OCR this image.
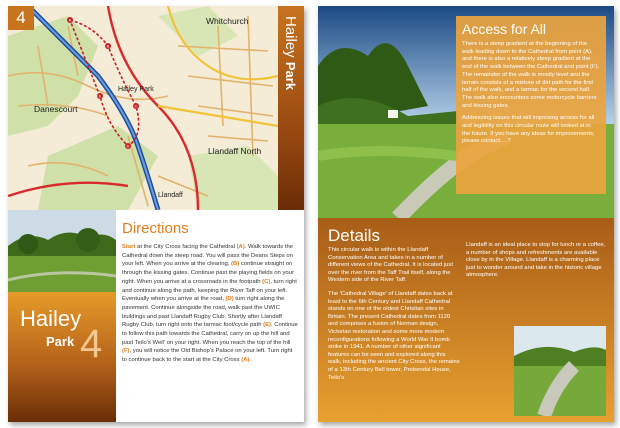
A
B
C
D
E
4	Whitchurch
Danescourt
Llandaff North
Hailey Park
Llandaff
Hailey Park
Hailey
Park 4
Directions

Start at the City Cross facing the Cathedral (A). Walk towards the Cathedral down the steep road. You will pass the Deans Steps on your left. When you arrive at the clearing, (B) continue straight on through the kissing gates. Continue past the playing fields on your right. When you arrive at a crossroads in the footpath (C), turn right and continue along the path, keeping the River Taff on your left. Eventually when you arrive at the road, (D) turn right along the pavement. Continue alongside the road, walk past the UWIC buildings and past Llandaff Rugby Club. Shortly after Llandaff Rugby Club, turn right onto the tarmac foot/cycle path (E). Continue to follow this path towards the Cathedral, carry on up the hill and past Teilo's Well' on your right. When you reach the top of the hill (F), you will notice the Old Bishop's Palace on your left. Turn right to continue back to the start at the City Cross (A).

Access for All

There is a steep gradient at the beginning of the walk leading down to the Cathedral from point (A), and there is also a relatively steep gradient at the end of the walk between the Cathedral and point (F). The remainder of the walk is mostly level and the terrain consists of a mixture of dirt path for the first half of the walk, and a tarmac for the second half. The walk also encounters some motorcycle barriers and kissing gates.

Addressing issues that will improving access for all and legibility on this circular route will looked at in the future. If you have any ideas for improvements, please contact….?

Details

This circular walk is within the Llandaff Conservation Area and takes in a number of different views of the Cathedral. It is located just over the river from the Taff Trail itself, along the Western side of the River Taff.

The 'Cathedral Village' of Llandaff dates back at least to the 6th Century and Llandaff Cathedral stands on one of the oldest Christian sites in Britain. The present Cathedral dates from 1120 and comprises a fusion of Norman design, Victorian restoration and some more modern reconfigurations following a World War II bomb strike in 1941. A number of other significant features can be seen and explored along this walk, including the ancient City Cross, the remains of a 13th Century Bell tower, Prebendal House, Teilo's

Llandaff is an ideal place to stop for lunch or a coffee, a number of shops and refreshments are available close by in the Village. Llandaff is a charming place just to wonder around and take in the historic village atmosphere.
